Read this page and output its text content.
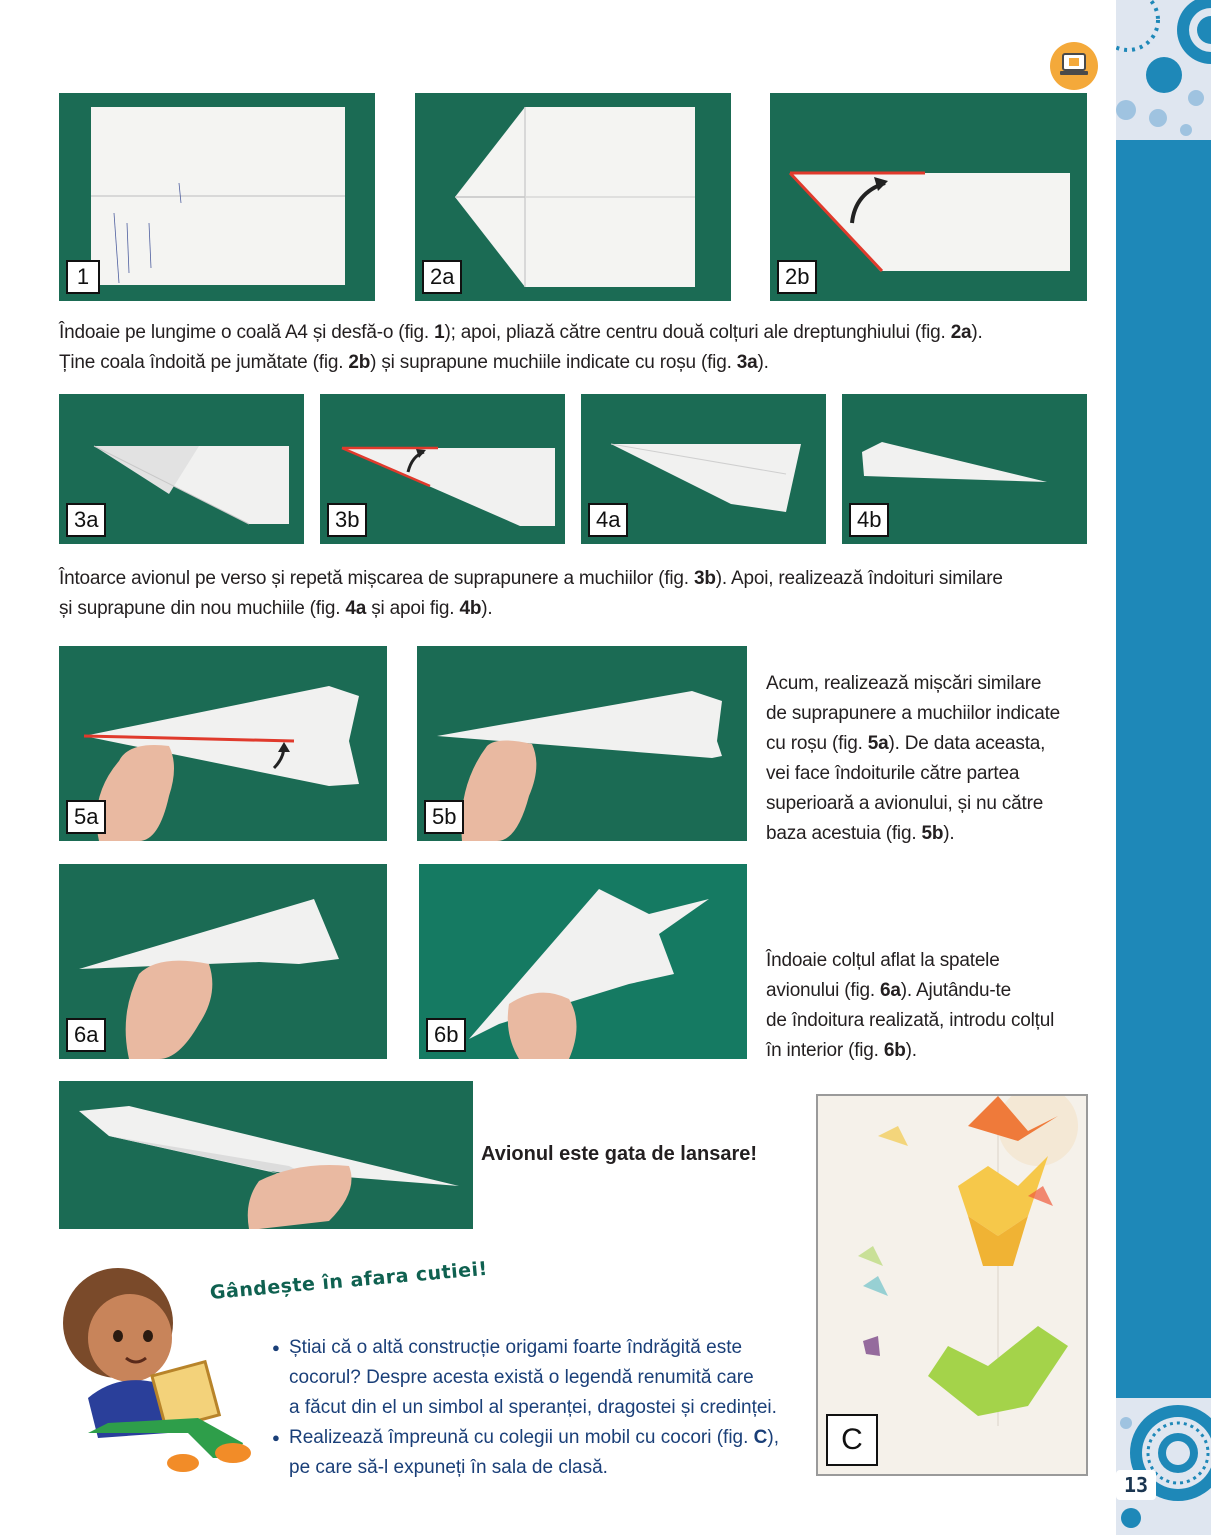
13
1	2a	2b
Îndoaie pe lungime o coală A4 și desfă-o (fig. 1); apoi, pliază către centru două colțuri ale dreptunghiului (fig. 2a).
Ține coala îndoită pe jumătate (fig. 2b) și suprapune muchiile indicate cu roșu (fig. 3a).
3a	3b	4a	4b
Întoarce avionul pe verso și repetă mișcarea de suprapunere a muchiilor (fig. 3b). Apoi, realizează îndoituri similare
și suprapune din nou muchiile (fig. 4a și apoi fig. 4b).
5a	5b
Acum, realizează mișcări similare
de suprapunere a muchiilor indicate
cu roșu (fig. 5a). De data aceasta,
vei face îndoiturile către partea
superioară a avionului, și nu către
baza acestuia (fig. 5b).
6a	6b
Îndoaie colțul aflat la spatele
avionului (fig. 6a). Ajutându-te
de îndoitura realizată, introdu colțul
în interior (fig. 6b).
Avionul este gata de lansare!
Gândește în afara cutiei!
● Știai că o altă construcție origami foarte îndrăgită este
cocorul? Despre acesta există o legendă renumită care
a făcut din el un simbol al speranței, dragostei și credinței.
● Realizează împreună cu colegii un mobil cu cocori (fig. C),
pe care să-l expuneți în sala de clasă.
C
